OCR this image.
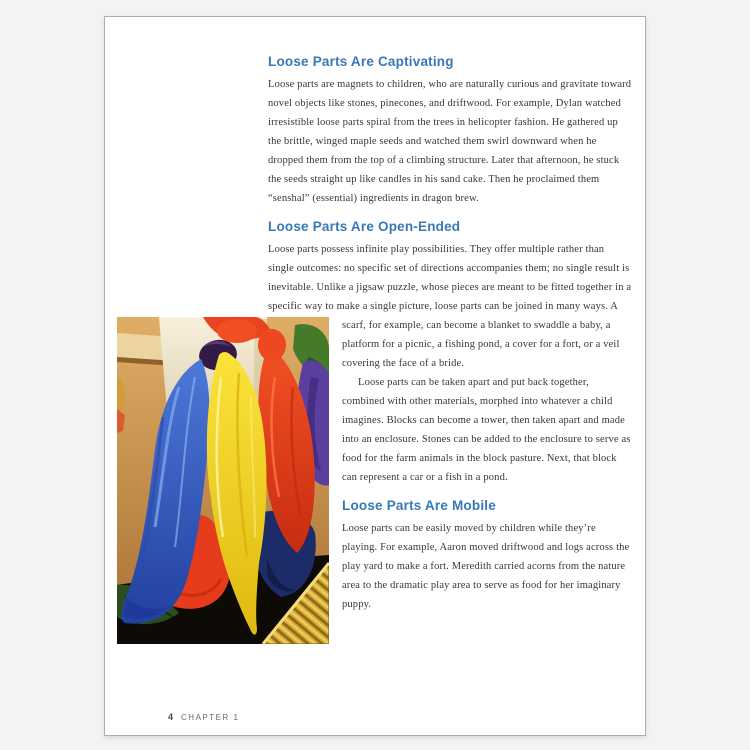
Loose Parts Are Captivating

Loose parts are magnets to children, who are naturally curious and gravitate toward novel objects like stones, pinecones, and driftwood. For example, Dylan watched irresistible loose parts spiral from the trees in helicopter fashion. He gathered up the brittle, winged maple seeds and watched them swirl downward when he dropped them from the top of a climbing structure. Later that afternoon, he stuck the seeds straight up like candles in his sand cake. Then he proclaimed them “senshal” (essential) ingredients in dragon brew.

Loose Parts Are Open-Ended

Loose parts possess infinite play possibilities. They offer multiple rather than single outcomes: no specific set of directions accompanies them; no single result is inevitable. Unlike a jigsaw puzzle, whose pieces are meant to be fitted together in a specific way to make a single picture, loose parts can be joined in many ways. A scarf, for example, can become a blanket to swaddle a baby, a platform for a picnic, a fishing pond, a cover for a fort, or a veil covering the face of a bride.

Loose parts can be taken apart and put back together, combined with other materials, morphed into whatever a child imagines. Blocks can become a tower, then taken apart and made into an enclosure. Stones can be added to the enclosure to serve as food for the farm animals in the block pasture. Next, that block can represent a car or a fish in a pond.

Loose Parts Are Mobile

Loose parts can be easily moved by children while they’re playing. For example, Aaron moved driftwood and logs across the play yard to make a fort. Meredith carried acorns from the nature area to the dramatic play area to serve as food for her imaginary puppy.

4 CHAPTER 1
